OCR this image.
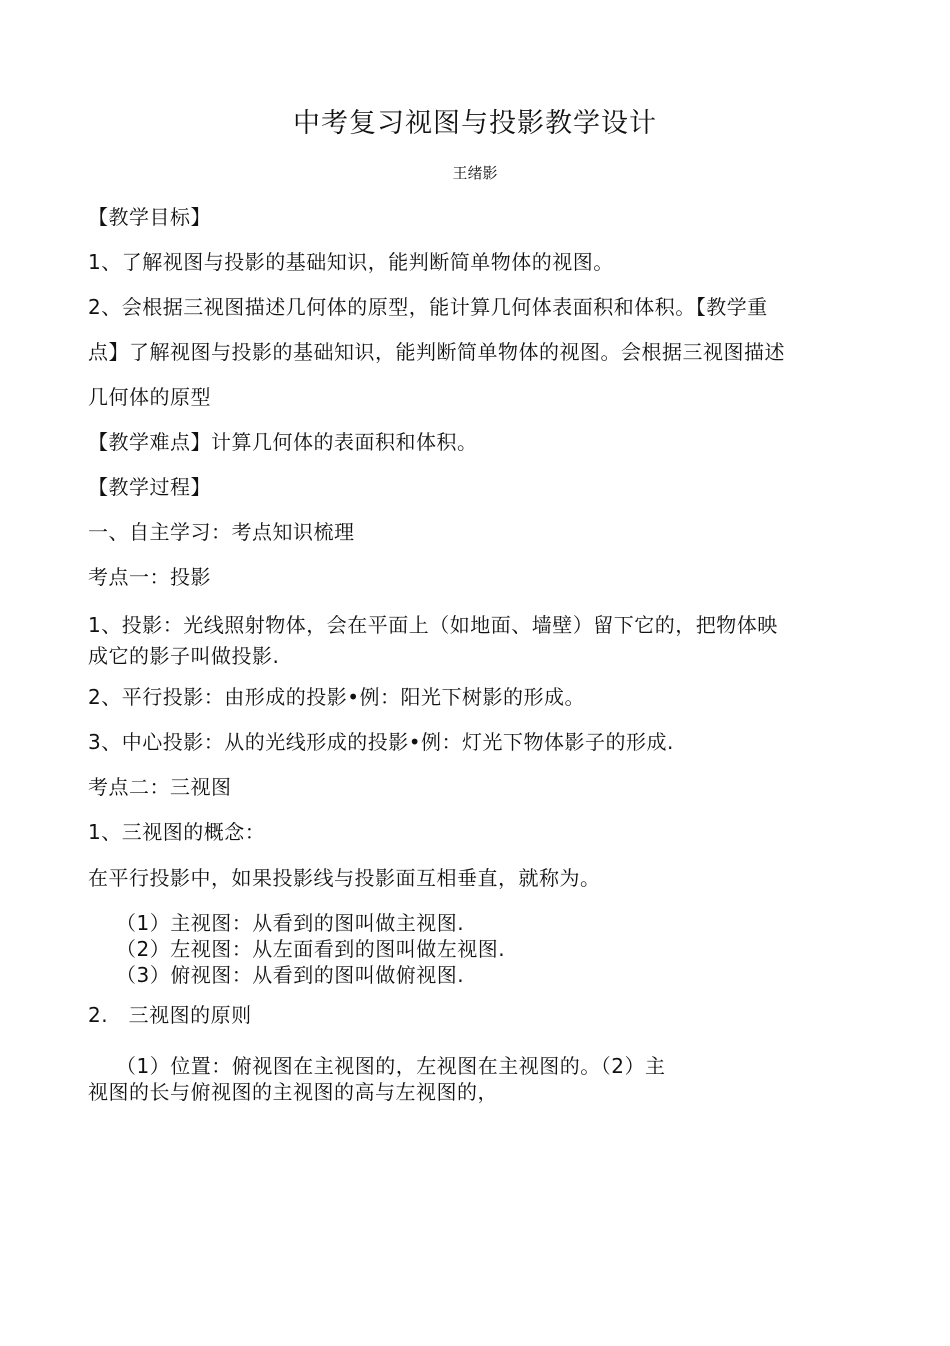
中考复习视图与投影教学设计
王绪影
【教学目标】
1、了解视图与投影的基础知识，能判断简单物体的视图。
2、会根据三视图描述几何体的原型，能计算几何体表面积和体积。【教学重
点】了解视图与投影的基础知识，能判断简单物体的视图。会根据三视图描述
几何体的原型
【教学难点】计算几何体的表面积和体积。
【教学过程】
一、自主学习：考点知识梳理
考点一：投影
1、投影：光线照射物体，会在平面上（如地面、墙壁）留下它的，把物体映
成它的影子叫做投影.
2、平行投影：由形成的投影•例：阳光下树影的形成。
3、中心投影：从的光线形成的投影•例：灯光下物体影子的形成.
考点二：三视图
1、三视图的概念：
在平行投影中，如果投影线与投影面互相垂直，就称为。
（1）主视图：从看到的图叫做主视图.
（2）左视图：从左面看到的图叫做左视图.
（3）俯视图：从看到的图叫做俯视图.
2.　三视图的原则
（1）位置：俯视图在主视图的，左视图在主视图的。（2）主
视图的长与俯视图的主视图的高与左视图的，
